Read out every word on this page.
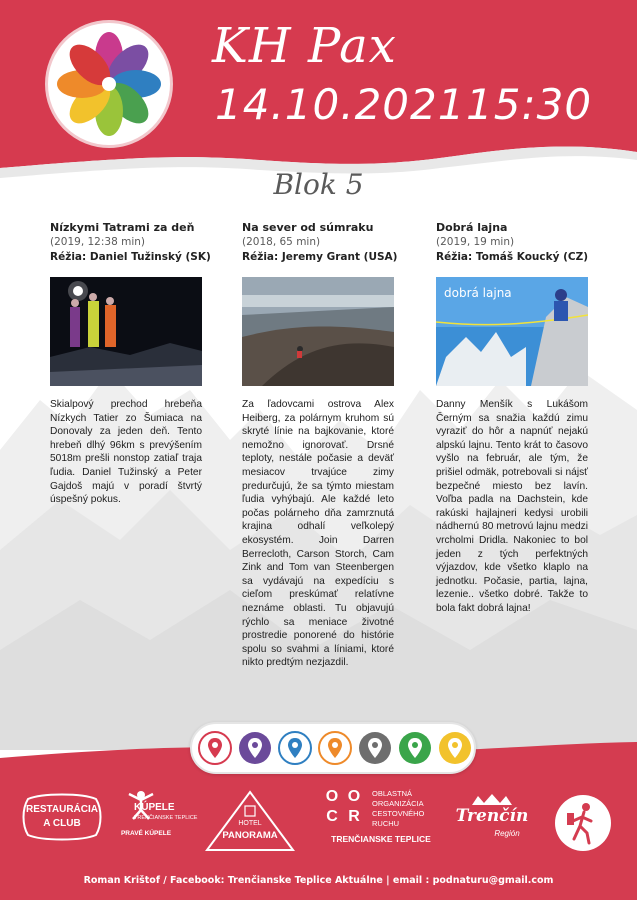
KH Pax
14.10.2021 15:30
Blok 5
Nízkymi Tatrami za deň
(2019, 12:38 min)
Réžia: Daniel Tužinský (SK)
Skialpový prechod hrebeňa Nízkych Tatier zo Šumiaca na Donovaly za jeden deň. Tento hrebeň dlhý 96km s prevýšením 5018m prešli nonstop zatiaľ traja ľudia. Daniel Tužinský a Peter Gajdoš majú v poradí štvrtý úspešný pokus.
Na sever od súmraku
(2018, 65 min)
Réžia: Jeremy Grant (USA)
Za ľadovcami ostrova Alex Heiberg, za polárnym kruhom sú skryté línie na bajkovanie, ktoré nemožno ignorovať. Drsné teploty, nestále počasie a deväť mesiacov trvajúce zimy predurčujú, že sa týmto miestam ľudia vyhýbajú. Ale každé leto počas polárneho dňa zamrznutá krajina odhalí veľkolepý ekosystém. Join Darren Berrecloth, Carson Storch, Cam Zink and Tom van Steenbergen sa vydávajú na expedíciu s cieľom preskúmať relatívne neznáme oblasti. Tu objavujú rýchlo sa meniace životné prostredie ponorené do histórie spolu so svahmi a líniami, ktoré nikto predtým nezjazdil.
Dobrá lajna
(2019, 19 min)
Réžia: Tomáš Koucký (CZ)
dobrá lajna
Danny Menšík s Lukášom Černým sa snažia každú zimu vyraziť do hôr a napnúť nejakú alpskú lajnu. Tento krát to časovo vyšlo na február, ale tým, že prišiel odmäk, potrebovali si nájsť bezpečné miesto bez lavín. Voľba padla na Dachstein, kde rakúski hajlajneri kedysi urobili nádhernú 80 metrovú lajnu medzi vrcholmi Dridla. Nakoniec to bol jeden z tých perfektných výjazdov, kde všetko klaplo na jednotku. Počasie, partia, lajna, lezenie.. všetko dobré. Takže to bola fakt dobrá lajna!
RESTAURÁCIA
A CLUB
KÚPELE
TRENČIANSKE TEPLICE
PRAVÉ KÚPELE
HOTEL
PANORAMA
O O
C R
OBLASTNÁ
ORGANIZÁCIA
CESTOVNÉHO
RUCHU
TRENČIANSKE TEPLICE
Trenčín
Región
Roman Krištof / Facebook: Trenčianske Teplice Aktuálne | email : podnaturu@gmail.com
